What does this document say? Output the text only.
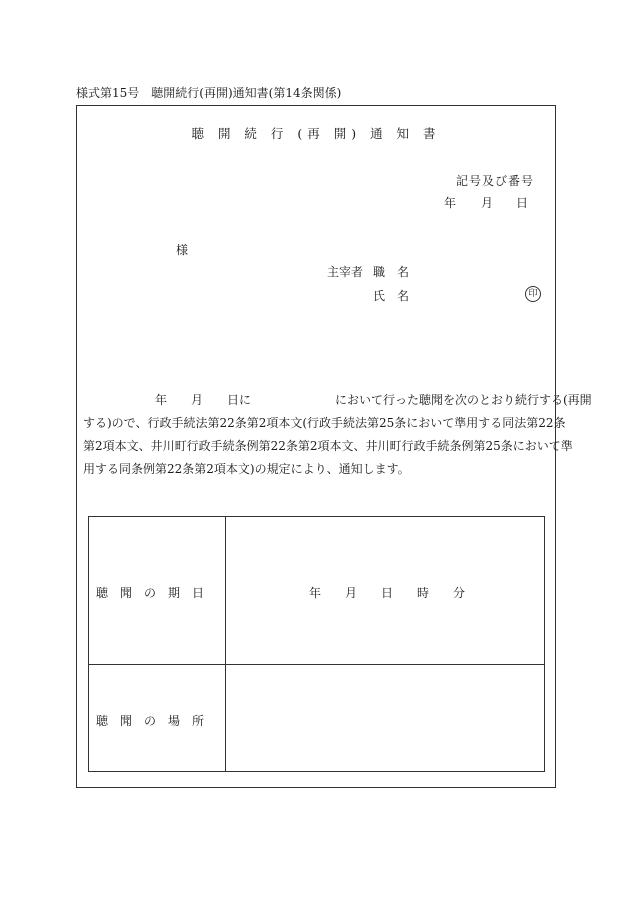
様式第15号　聴開続行(再開)通知書(第14条関係)
聴 開 続 行 (再 開) 通 知 書
記号及び番号
年 月 日
様
主宰者 職 名
氏 名	印
　　　　　　年　　月　　日に　　　　　　　において行った聴聞を次のとおり続行する(再開
する)ので、行政手続法第22条第2項本文(行政手続法第25条において準用する同法第22条
第2項本文、井川町行政手続条例第22条第2項本文、井川町行政手続条例第25条において準
用する同条例第22条第2項本文)の規定により、通知します。
聴聞の期日	年 月 日 時 分
聴聞の場所
